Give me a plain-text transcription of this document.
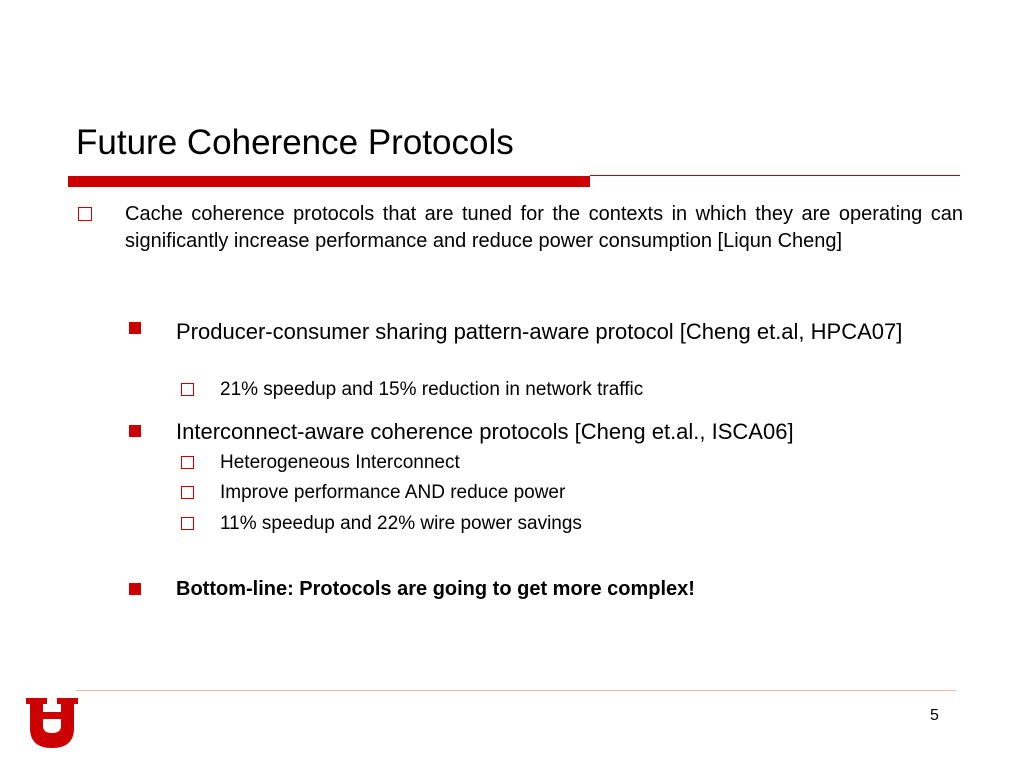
Future Coherence Protocols

Cache coherence protocols that are tuned for the contexts in which they are operating can significantly increase performance and reduce power consumption [Liqun Cheng]

Producer-consumer sharing pattern-aware protocol [Cheng et.al, HPCA07]

21% speedup and 15% reduction in network traffic

Interconnect-aware coherence protocols [Cheng et.al., ISCA06]

Heterogeneous Interconnect

Improve performance AND reduce power

11% speedup and 22% wire power savings

Bottom-line: Protocols are going to get more complex!

5
